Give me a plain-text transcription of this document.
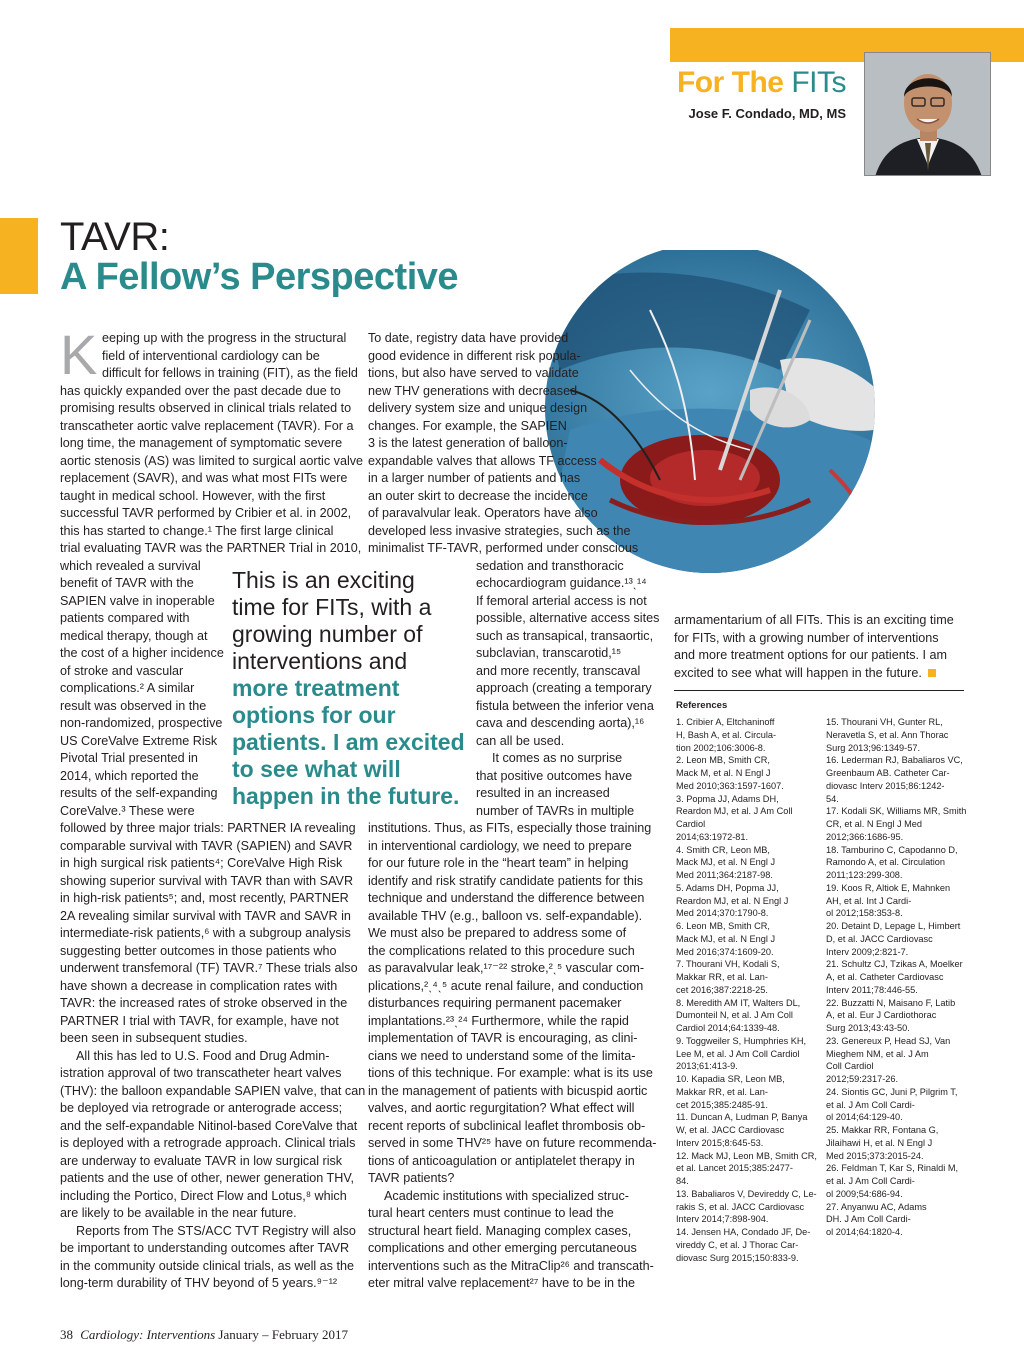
For The FITs
Jose F. Condado, MD, MS
TAVR:
A Fellow’s Perspective
K eeping up with the progress in the structural
field of interventional cardiology can be
difficult for fellows in training (FIT), as the field
has quickly expanded over the past decade due to
promising results observed in clinical trials related to
transcatheter aortic valve replacement (TAVR). For a
long time, the management of symptomatic severe
aortic stenosis (AS) was limited to surgical aortic valve
replacement (SAVR), and was what most FITs were
taught in medical school. However, with the first
successful TAVR performed by Cribier et al. in 2002,
this has started to change.¹ The first large clinical
trial evaluating TAVR was the PARTNER Trial in 2010,
which revealed a survival
benefit of TAVR with the
SAPIEN valve in inoperable
patients compared with
medical therapy, though at
the cost of a higher incidence
of stroke and vascular
complications.² A similar
result was observed in the
non-randomized, prospective
US CoreValve Extreme Risk
Pivotal Trial presented in
2014, which reported the
results of the self-expanding
CoreValve.³ These were
followed by three major trials: PARTNER IA revealing
comparable survival with TAVR (SAPIEN) and SAVR
in high surgical risk patients⁴; CoreValve High Risk
showing superior survival with TAVR than with SAVR
in high-risk patients⁵; and, most recently, PARTNER
2A revealing similar survival with TAVR and SAVR in
intermediate-risk patients,⁶ with a subgroup analysis
suggesting better outcomes in those patients who
underwent transfemoral (TF) TAVR.⁷ These trials also
have shown a decrease in complication rates with
TAVR: the increased rates of stroke observed in the
PARTNER I trial with TAVR, for example, have not
been seen in subsequent studies.
All this has led to U.S. Food and Drug Admin-
istration approval of two transcatheter heart valves
(THV): the balloon expandable SAPIEN valve, that can
be deployed via retrograde or anterograde access;
and the self-expandable Nitinol-based CoreValve that
is deployed with a retrograde approach. Clinical trials
are underway to evaluate TAVR in low surgical risk
patients and the use of other, newer generation THV,
including the Portico, Direct Flow and Lotus,⁸ which
are likely to be available in the near future.
Reports from The STS/ACC TVT Registry will also
be important to understanding outcomes after TAVR
in the community outside clinical trials, as well as the
long-term durability of THV beyond of 5 years.⁹⁻¹²
To date, registry data have provided
good evidence in different risk popula-
tions, but also have served to validate
new THV generations with decreased
delivery system size and unique design
changes. For example, the SAPIEN
3 is the latest generation of balloon-
expandable valves that allows TF access
in a larger number of patients and has
an outer skirt to decrease the incidence
of paravalvular leak. Operators have also
developed less invasive strategies, such as the
minimalist TF-TAVR, performed under conscious
sedation and transthoracic
echocardiogram guidance.¹³ˎ¹⁴
If femoral arterial access is not
possible, alternative access sites
such as transapical, transaortic,
subclavian, transcarotid,¹⁵
and more recently, transcaval
approach (creating a temporary
fistula between the inferior vena
cava and descending aorta),¹⁶
can all be used.
It comes as no surprise
that positive outcomes have
resulted in an increased
number of TAVRs in multiple
institutions. Thus, as FITs, especially those training
in interventional cardiology, we need to prepare
for our future role in the “heart team” in helping
identify and risk stratify candidate patients for this
technique and understand the difference between
available THV (e.g., balloon vs. self-expandable).
We must also be prepared to address some of
the complications related to this procedure such
as paravalvular leak,¹⁷⁻²² stroke,²ˎ⁵ vascular com-
plications,²ˎ⁴ˎ⁵ acute renal failure, and conduction
disturbances requiring permanent pacemaker
implantations.²³ˎ²⁴ Furthermore, while the rapid
implementation of TAVR is encouraging, as clini-
cians we need to understand some of the limita-
tions of this technique. For example: what is its use
in the management of patients with bicuspid aortic
valves, and aortic regurgitation? What effect will
recent reports of subclinical leaflet thrombosis ob-
served in some THV²⁵ have on future recommenda-
tions of anticoagulation or antiplatelet therapy in
TAVR patients?
Academic institutions with specialized struc-
tural heart centers must continue to lead the
structural heart field. Managing complex cases,
complications and other emerging percutaneous
interventions such as the MitraClip²⁶ and transcath-
eter mitral valve replacement²⁷ have to be in the
armamentarium of all FITs. This is an exciting time
for FITs, with a growing number of interventions
and more treatment options for our patients. I am
excited to see what will happen in the future.
This is an exciting
time for FITs, with a
growing number of
interventions and
more treatment
options for our
patients. I am excited
to see what will
happen in the future.
References
1. Cribier A, Eltchaninoff
H, Bash A, et al. Circula-
tion 2002;106:3006-8.
2. Leon MB, Smith CR,
Mack M, et al. N Engl J
Med 2010;363:1597-1607.
3. Popma JJ, Adams DH,
Reardon MJ, et al. J Am Coll
Cardiol
2014;63:1972-81.
4. Smith CR, Leon MB,
Mack MJ, et al. N Engl J
Med 2011;364:2187-98.
5. Adams DH, Popma JJ,
Reardon MJ, et al. N Engl J
Med 2014;370:1790-8.
6. Leon MB, Smith CR,
Mack MJ, et al. N Engl J
Med 2016;374:1609-20.
7. Thourani VH, Kodali S,
Makkar RR, et al. Lan-
cet 2016;387:2218-25.
8. Meredith AM IT, Walters DL,
Dumonteil N, et al. J Am Coll
Cardiol 2014;64:1339-48.
9. Toggweiler S, Humphries KH,
Lee M, et al. J Am Coll Cardiol
2013;61:413-9.
10. Kapadia SR, Leon MB,
Makkar RR, et al. Lan-
cet 2015;385:2485-91.
11. Duncan A, Ludman P, Banya
W, et al. JACC Cardiovasc
Interv 2015;8:645-53.
12. Mack MJ, Leon MB, Smith CR,
et al. Lancet 2015;385:2477-
84.
13. Babaliaros V, Devireddy C, Le-
rakis S, et al. JACC Cardiovasc
Interv 2014;7:898-904.
14. Jensen HA, Condado JF, De-
vireddy C, et al. J Thorac Car-
diovasc Surg 2015;150:833-9.
15. Thourani VH, Gunter RL,
Neravetla S, et al. Ann Thorac
Surg 2013;96:1349-57.
16. Lederman RJ, Babaliaros VC,
Greenbaum AB. Catheter Car-
diovasc Interv 2015;86:1242-
54.
17. Kodali SK, Williams MR, Smith
CR, et al. N Engl J Med
2012;366:1686-95.
18. Tamburino C, Capodanno D,
Ramondo A, et al. Circulation
2011;123:299-308.
19. Koos R, Altiok E, Mahnken
AH, et al. Int J Cardi-
ol 2012;158:353-8.
20. Detaint D, Lepage L, Himbert
D, et al. JACC Cardiovasc
Interv 2009;2:821-7.
21. Schultz CJ, Tzikas A, Moelker
A, et al. Catheter Cardiovasc
Interv 2011;78:446-55.
22. Buzzatti N, Maisano F, Latib
A, et al. Eur J Cardiothorac
Surg 2013;43:43-50.
23. Genereux P, Head SJ, Van
Mieghem NM, et al. J Am
Coll Cardiol
2012;59:2317-26.
24. Siontis GC, Juni P, Pilgrim T,
et al. J Am Coll Cardi-
ol 2014;64:129-40.
25. Makkar RR, Fontana G,
Jilaihawi H, et al. N Engl J
Med 2015;373:2015-24.
26. Feldman T, Kar S, Rinaldi M,
et al. J Am Coll Cardi-
ol 2009;54:686-94.
27. Anyanwu AC, Adams
DH. J Am Coll Cardi-
ol 2014;64:1820-4.
38 Cardiology: Interventions January – February 2017
